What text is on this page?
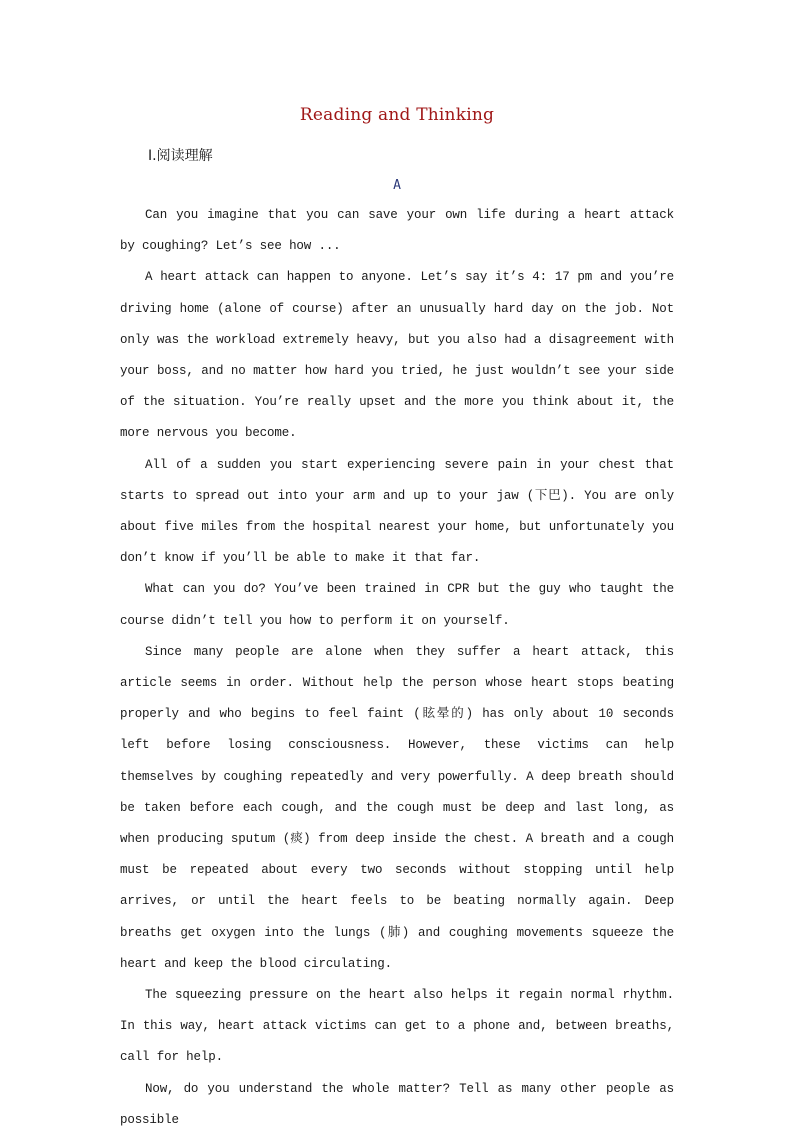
Reading and Thinking
Ⅰ.阅读理解
A

Can you imagine that you can save your own life during a heart attack by coughing? Let’s see how ...

A heart attack can happen to anyone. Let’s say it’s 4: 17 pm and you’re driving home (alone of course) after an unusually hard day on the job. Not only was the workload extremely heavy, but you also had a disagreement with your boss, and no matter how hard you tried, he just wouldn’t see your side of the situation. You’re really upset and the more you think about it, the more nervous you become.

All of a sudden you start experiencing severe pain in your chest that starts to spread out into your arm and up to your jaw (下巴). You are only about five miles from the hospital nearest your home, but unfortunately you don’t know if you’ll be able to make it that far.

What can you do? You’ve been trained in CPR but the guy who taught the course didn’t tell you how to perform it on yourself.

Since many people are alone when they suffer a heart attack, this article seems in order. Without help the person whose heart stops beating properly and who begins to feel faint (眩晕的) has only about 10 seconds left before losing consciousness. However, these victims can help themselves by coughing repeatedly and very powerfully. A deep breath should be taken before each cough, and the cough must be deep and last long, as when producing sputum (痰) from deep inside the chest. A breath and a cough must be repeated about every two seconds without stopping until help arrives, or until the heart feels to be beating normally again. Deep breaths get oxygen into the lungs (肺) and coughing movements squeeze the heart and keep the blood circulating.

The squeezing pressure on the heart also helps it regain normal rhythm. In this way, heart attack victims can get to a phone and, between breaths, call for help.

Now, do you understand the whole matter? Tell as many other people as possible
